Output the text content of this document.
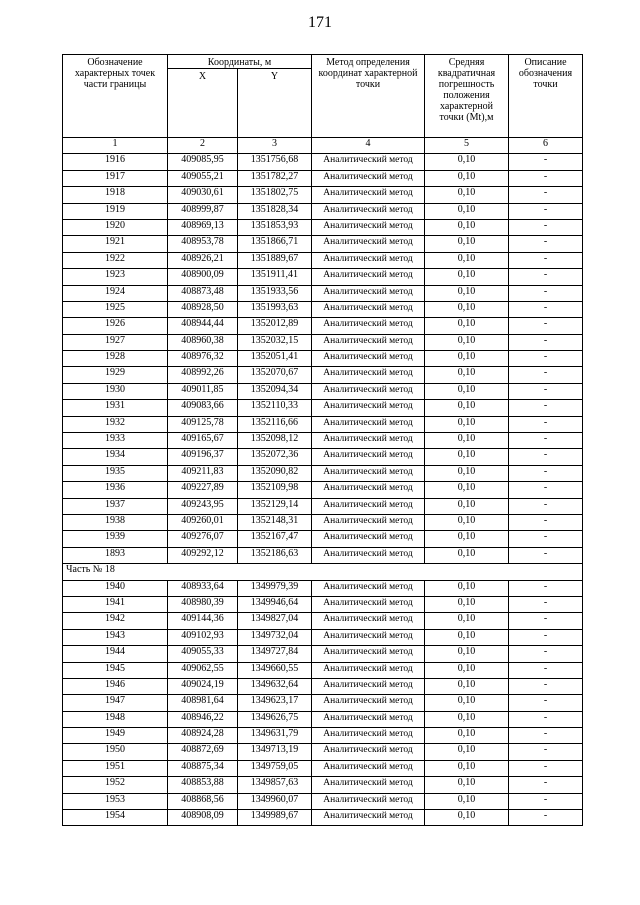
171
Обозначение характерных точек части границы	Координаты, м		Метод определения координат характерной точки	Средняя квадратичная погрешность положения характерной точки (Mt),м	Описание обозначения точки
	X	Y			
1	2	3	4	5	6
1916	409085,95	1351756,68	Аналитический метод	0,10	-
1917	409055,21	1351782,27	Аналитический метод	0,10	-
1918	409030,61	1351802,75	Аналитический метод	0,10	-
1919	408999,87	1351828,34	Аналитический метод	0,10	-
1920	408969,13	1351853,93	Аналитический метод	0,10	-
1921	408953,78	1351866,71	Аналитический метод	0,10	-
1922	408926,21	1351889,67	Аналитический метод	0,10	-
1923	408900,09	1351911,41	Аналитический метод	0,10	-
1924	408873,48	1351933,56	Аналитический метод	0,10	-
1925	408928,50	1351993,63	Аналитический метод	0,10	-
1926	408944,44	1352012,89	Аналитический метод	0,10	-
1927	408960,38	1352032,15	Аналитический метод	0,10	-
1928	408976,32	1352051,41	Аналитический метод	0,10	-
1929	408992,26	1352070,67	Аналитический метод	0,10	-
1930	409011,85	1352094,34	Аналитический метод	0,10	-
1931	409083,66	1352110,33	Аналитический метод	0,10	-
1932	409125,78	1352116,66	Аналитический метод	0,10	-
1933	409165,67	1352098,12	Аналитический метод	0,10	-
1934	409196,37	1352072,36	Аналитический метод	0,10	-
1935	409211,83	1352090,82	Аналитический метод	0,10	-
1936	409227,89	1352109,98	Аналитический метод	0,10	-
1937	409243,95	1352129,14	Аналитический метод	0,10	-
1938	409260,01	1352148,31	Аналитический метод	0,10	-
1939	409276,07	1352167,47	Аналитический метод	0,10	-
1893	409292,12	1352186,63	Аналитический метод	0,10	-
Часть № 18					
1940	408933,64	1349979,39	Аналитический метод	0,10	-
1941	408980,39	1349946,64	Аналитический метод	0,10	-
1942	409144,36	1349827,04	Аналитический метод	0,10	-
1943	409102,93	1349732,04	Аналитический метод	0,10	-
1944	409055,33	1349727,84	Аналитический метод	0,10	-
1945	409062,55	1349660,55	Аналитический метод	0,10	-
1946	409024,19	1349632,64	Аналитический метод	0,10	-
1947	408981,64	1349623,17	Аналитический метод	0,10	-
1948	408946,22	1349626,75	Аналитический метод	0,10	-
1949	408924,28	1349631,79	Аналитический метод	0,10	-
1950	408872,69	1349713,19	Аналитический метод	0,10	-
1951	408875,34	1349759,05	Аналитический метод	0,10	-
1952	408853,88	1349857,63	Аналитический метод	0,10	-
1953	408868,56	1349960,07	Аналитический метод	0,10	-
1954	408908,09	1349989,67	Аналитический метод	0,10	-
